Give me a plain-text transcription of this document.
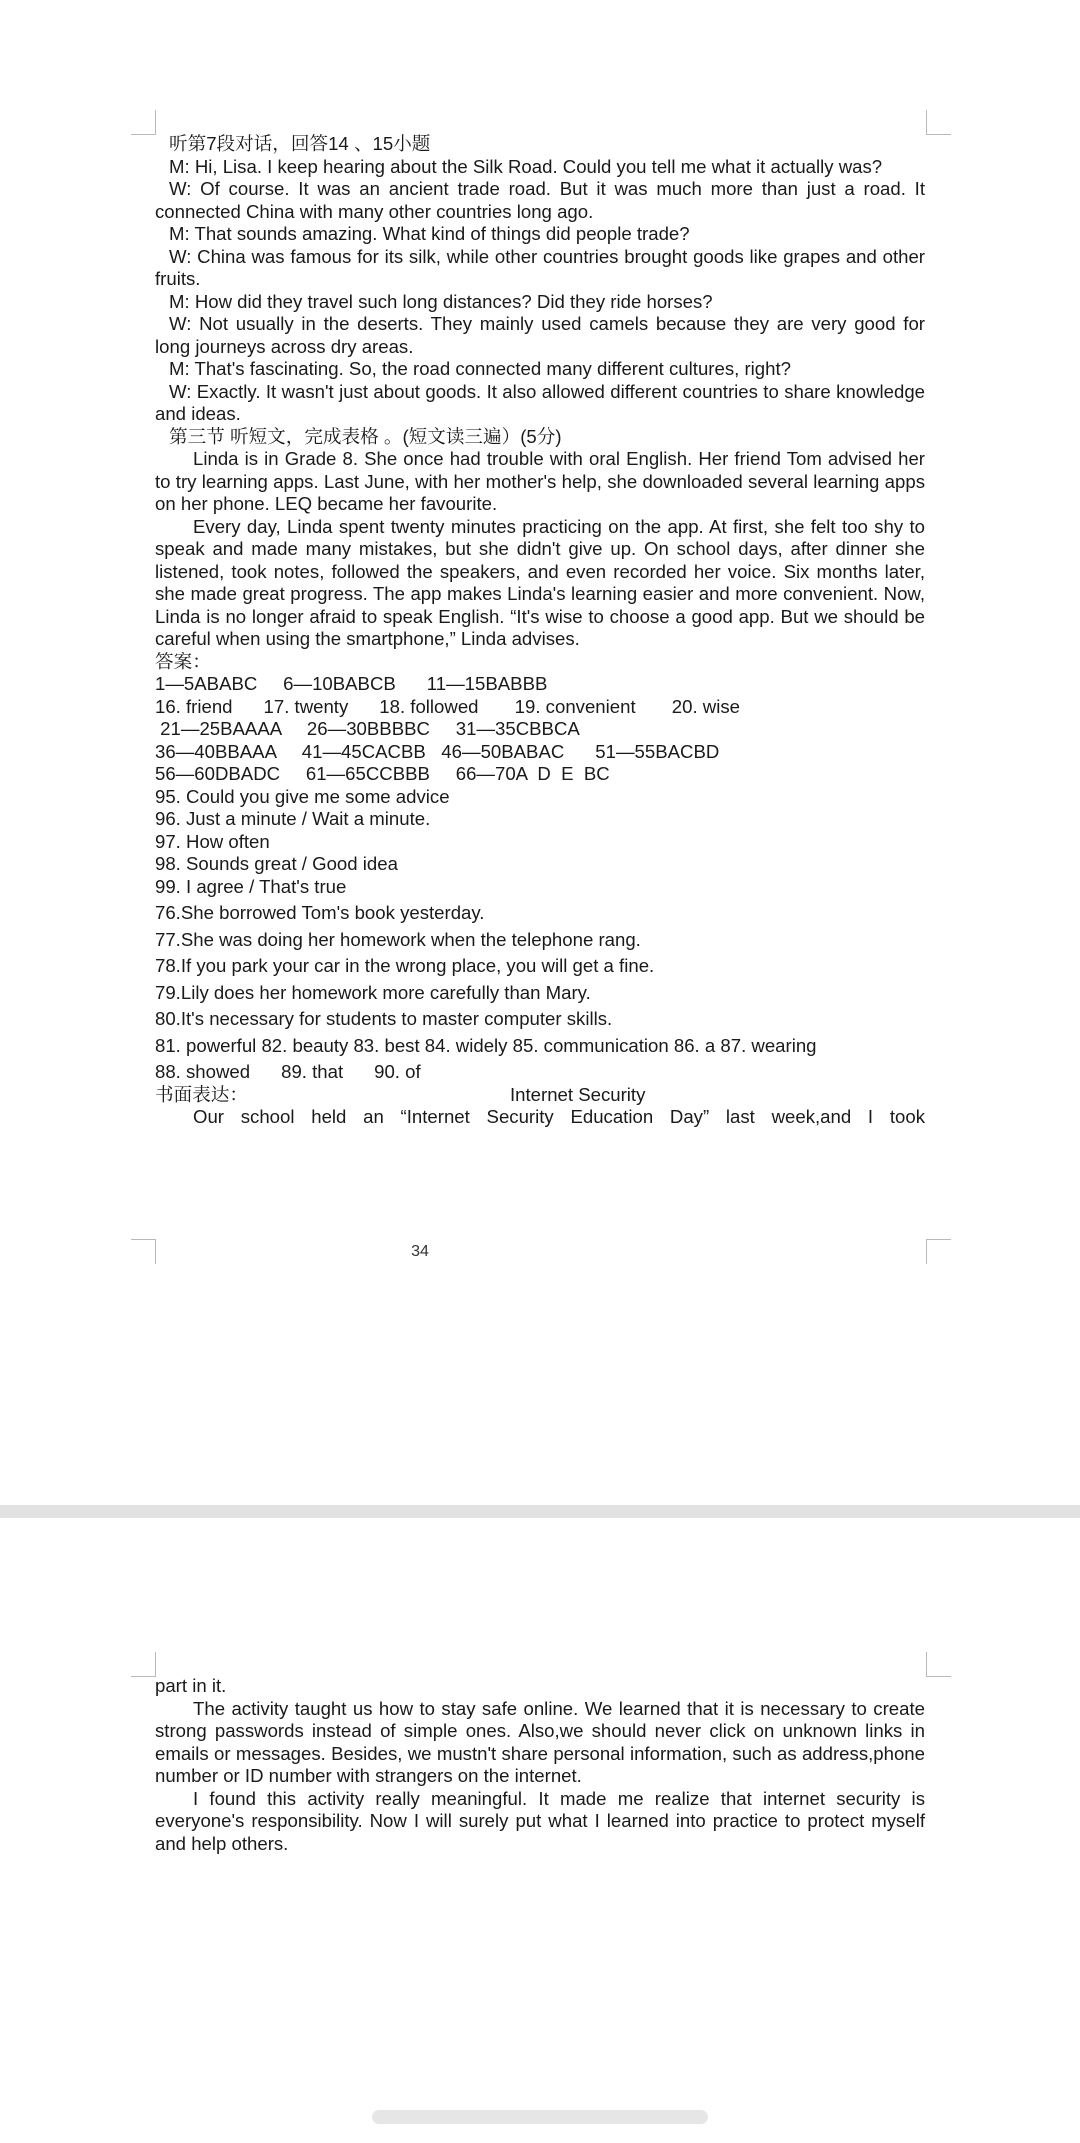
听第7段对话，回答14 、15小题

M: Hi, Lisa. I keep hearing about the Silk Road. Could you tell me what it actually was?

W: Of course. It was an ancient trade road. But it was much more than just a road. It connected China with many other countries long ago.

M: That sounds amazing. What kind of things did people trade?

W: China was famous for its silk, while other countries brought goods like grapes and other fruits.

M: How did they travel such long distances? Did they ride horses?

W: Not usually in the deserts. They mainly used camels because they are very good for long journeys across dry areas.

M: That's fascinating. So, the road connected many different cultures, right?

W: Exactly. It wasn't just about goods. It also allowed different countries to share knowledge and ideas.

第三节 听短文，完成表格 。(短文读三遍）(5分)

Linda is in Grade 8. She once had trouble with oral English. Her friend Tom advised her to try learning apps. Last June, with her mother's help, she downloaded several learning apps on her phone. LEQ became her favourite.

Every day, Linda spent twenty minutes practicing on the app. At first, she felt too shy to speak and made many mistakes, but she didn't give up. On school days, after dinner she listened, took notes, followed the speakers, and even recorded her voice. Six months later, she made great progress. The app makes Linda's learning easier and more convenient. Now, Linda is no longer afraid to speak English. “It's wise to choose a good app. But we should be careful when using the smartphone,” Linda advises.

答案：

1—5ABABC     6—10BABCB      11—15BABBB

16. friend      17. twenty      18. followed       19. convenient       20. wise

21—25BAAAA     26—30BBBBC     31—35CBBCA

36—40BBAAA     41—45CACBB   46—50BABAC      51—55BACBD

56—60DBADC     61—65CCBBB     66—70A  D  E  BC

95. Could you give me some advice

96. Just a minute / Wait a minute.

97. How often

98. Sounds great / Good idea

99. I agree / That's true

76.She borrowed Tom's book yesterday.

77.She was doing her homework when the telephone rang.

78.If you park your car in the wrong place, you will get a fine.

79.Lily does her homework more carefully than Mary.

80.It's necessary for students to master computer skills.

81. powerful 82. beauty 83. best 84. widely 85. communication 86. a 87. wearing

88. showed      89. that      90. of

书面表达：	Internet Security

Our school held an “Internet Security Education Day” last week,and I took

34

part in it.

The activity taught us how to stay safe online. We learned that it is necessary to create strong passwords instead of simple ones. Also,we should never click on unknown links in emails or messages. Besides, we mustn't share personal information, such as address,phone number or ID number with strangers on the internet.

I found this activity really meaningful. It made me realize that internet security is everyone's responsibility. Now I will surely put what I learned into practice to protect myself and help others.
